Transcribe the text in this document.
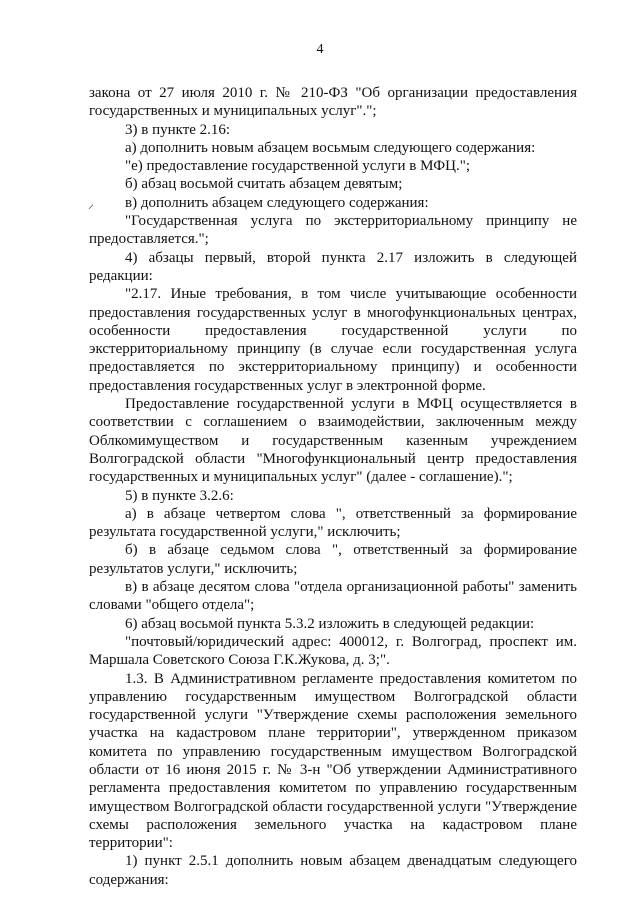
4
​⸝

закона от 27 июля 2010 г. № 210-ФЗ "Об организации предоставления государственных и муниципальных услуг".";

3) в пункте 2.16:

а) дополнить новым абзацем восьмым следующего содержания:

"е) предоставление государственной услуги в МФЦ.";

б) абзац восьмой считать абзацем девятым;

в) дополнить абзацем следующего содержания:

"Государственная услуга по экстерриториальному принципу не предоставляется.";

4) абзацы первый, второй пункта 2.17 изложить в следующей редакции:

"2.17. Иные требования, в том числе учитывающие особенности предоставления государственных услуг в многофункциональных центрах, особенности предоставления государственной услуги по экстерриториальному принципу (в случае если государственная услуга предоставляется по экстерриториальному принципу) и особенности предоставления государственных услуг в электронной форме.

Предоставление государственной услуги в МФЦ осуществляется в соответствии с соглашением о взаимодействии, заключенным между Облкомимуществом и государственным казенным учреждением Волгоградской области "Многофункциональный центр предоставления государственных и муниципальных услуг" (далее - соглашение).";

5) в пункте 3.2.6:

а) в абзаце четвертом слова ", ответственный за формирование результата государственной услуги," исключить;

б) в абзаце седьмом слова ", ответственный за формирование результатов услуги," исключить;

в) в абзаце десятом слова "отдела организационной работы" заменить словами "общего отдела";

6) абзац восьмой пункта 5.3.2 изложить в следующей редакции:

"почтовый/юридический адрес: 400012, г. Волгоград, проспект им. Маршала Советского Союза Г.К.Жукова, д. 3;".

1.3. В Административном регламенте предоставления комитетом по управлению государственным имуществом Волгоградской области государственной услуги "Утверждение схемы расположения земельного участка на кадастровом плане территории", утвержденном приказом комитета по управлению государственным имуществом Волгоградской области от 16 июня 2015 г. № 3-н "Об утверждении Административного регламента предоставления комитетом по управлению государственным имуществом Волгоградской области государственной услуги "Утверждение схемы расположения земельного участка на кадастровом плане территории":

1) пункт 2.5.1 дополнить новым абзацем двенадцатым следующего содержания:
